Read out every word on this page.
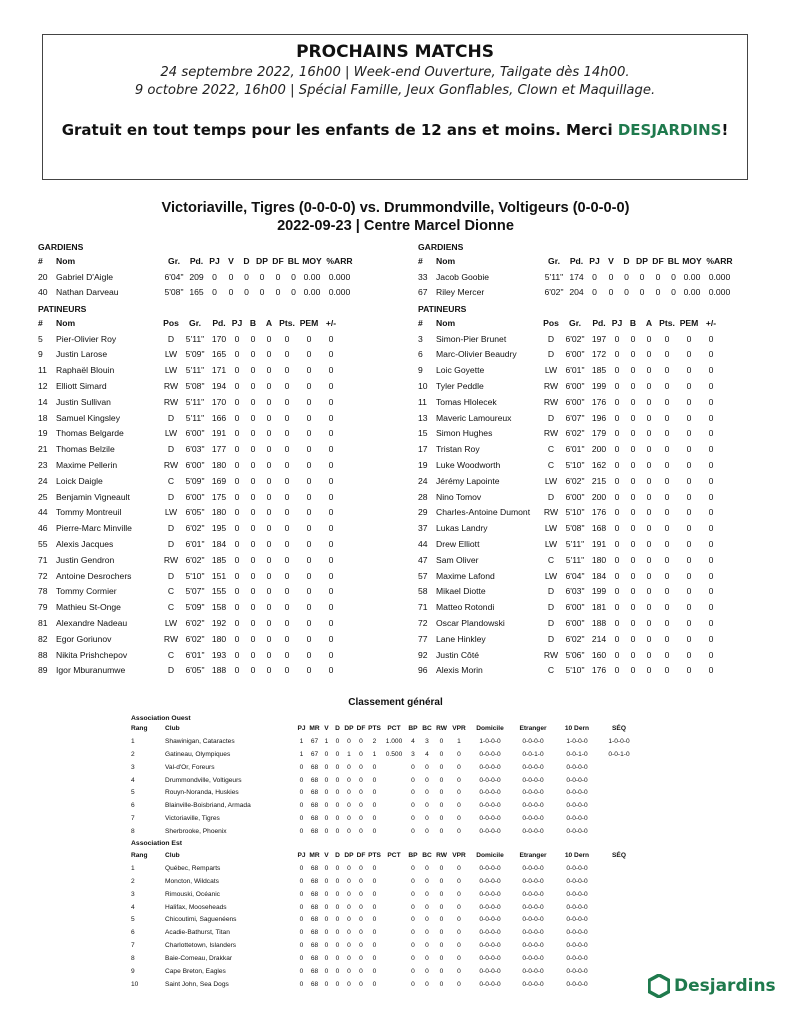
PROCHAINS MATCHS
24 septembre 2022, 16h00 | Week-end Ouverture, Tailgate dès 14h00.
9 octobre 2022, 16h00 | Spécial Famille, Jeux Gonflables, Clown et Maquillage.
Gratuit en tout temps pour les enfants de 12 ans et moins. Merci DESJARDINS!
Victoriaville, Tigres (0-0-0-0) vs. Drummondville, Voltigeurs (0-0-0-0)
2022-09-23 | Centre Marcel Dionne
GARDIENS	GARDIENS
#	Nom	Gr.	Pd.	PJ	V	D	DP	DF	BL	MOY	%ARR
20	Gabriel D'Aigle	6'04"	209	0	0	0	0	0	0	0.00	0.000
40	Nathan Darveau	5'08"	165	0	0	0	0	0	0	0.00	0.000
#	Nom	Gr.	Pd.	PJ	V	D	DP	DF	BL	MOY	%ARR
33	Jacob Goobie	5'11"	174	0	0	0	0	0	0	0.00	0.000
67	Riley Mercer	6'02"	204	0	0	0	0	0	0	0.00	0.000
PATINEURS	PATINEURS
#	Nom	Pos	Gr.	Pd.	PJ	B	A	Pts.	PEM	+/-
5	Pier-Olivier Roy	D	5'11"	170	0	0	0	0	0	0
9	Justin Larose	LW	5'09"	165	0	0	0	0	0	0
11	Raphaël Blouin	LW	5'11"	171	0	0	0	0	0	0
12	Elliott Simard	RW	5'08"	194	0	0	0	0	0	0
14	Justin Sullivan	RW	5'11"	170	0	0	0	0	0	0
18	Samuel Kingsley	D	5'11"	166	0	0	0	0	0	0
19	Thomas Belgarde	LW	6'00"	191	0	0	0	0	0	0
21	Thomas Belzile	D	6'03"	177	0	0	0	0	0	0
23	Maxime Pellerin	RW	6'00"	180	0	0	0	0	0	0
24	Loick Daigle	C	5'09"	169	0	0	0	0	0	0
25	Benjamin Vigneault	D	6'00"	175	0	0	0	0	0	0
44	Tommy Montreuil	LW	6'05"	180	0	0	0	0	0	0
46	Pierre-Marc Minville	D	6'02"	195	0	0	0	0	0	0
55	Alexis Jacques	D	6'01"	184	0	0	0	0	0	0
71	Justin Gendron	RW	6'02"	185	0	0	0	0	0	0
72	Antoine Desrochers	D	5'10"	151	0	0	0	0	0	0
78	Tommy Cormier	C	5'07"	155	0	0	0	0	0	0
79	Mathieu St-Onge	C	5'09"	158	0	0	0	0	0	0
81	Alexandre Nadeau	LW	6'02"	192	0	0	0	0	0	0
82	Egor Goriunov	RW	6'02"	180	0	0	0	0	0	0
88	Nikita Prishchepov	C	6'01"	193	0	0	0	0	0	0
89	Igor Mburanumwe	D	6'05"	188	0	0	0	0	0	0
#	Nom	Pos	Gr.	Pd.	PJ	B	A	Pts.	PEM	+/-
3	Simon-Pier Brunet	D	6'02"	197	0	0	0	0	0	0
6	Marc-Olivier Beaudry	D	6'00"	172	0	0	0	0	0	0
9	Loic Goyette	LW	6'01"	185	0	0	0	0	0	0
10	Tyler Peddle	RW	6'00"	199	0	0	0	0	0	0
11	Tomas Hlolecek	RW	6'00"	176	0	0	0	0	0	0
13	Maveric Lamoureux	D	6'07"	196	0	0	0	0	0	0
15	Simon Hughes	RW	6'02"	179	0	0	0	0	0	0
17	Tristan Roy	C	6'01"	200	0	0	0	0	0	0
19	Luke Woodworth	C	5'10"	162	0	0	0	0	0	0
24	Jérémy Lapointe	LW	6'02"	215	0	0	0	0	0	0
28	Nino Tomov	D	6'00"	200	0	0	0	0	0	0
29	Charles-Antoine Dumont	RW	5'10"	176	0	0	0	0	0	0
37	Lukas Landry	LW	5'08"	168	0	0	0	0	0	0
44	Drew Elliott	LW	5'11"	191	0	0	0	0	0	0
47	Sam Oliver	C	5'11"	180	0	0	0	0	0	0
57	Maxime Lafond	LW	6'04"	184	0	0	0	0	0	0
58	Mikael Diotte	D	6'03"	199	0	0	0	0	0	0
71	Matteo Rotondi	D	6'00"	181	0	0	0	0	0	0
72	Oscar Plandowski	D	6'00"	188	0	0	0	0	0	0
77	Lane Hinkley	D	6'02"	214	0	0	0	0	0	0
92	Justin Côté	RW	5'06"	160	0	0	0	0	0	0
96	Alexis Morin	C	5'10"	176	0	0	0	0	0	0
Classement général
Association Ouest
Rang	Club	PJ	MR	V	D	DP	DF	PTS	PCT	BP	BC	RW	VPR	Domicile	Etranger	10 Dern	SÉQ
1	Shawinigan, Cataractes	1	67	1	0	0	0	2	1.000	4	3	0	1	1-0-0-0	0-0-0-0	1-0-0-0	1-0-0-0
2	Gatineau, Olympiques	1	67	0	0	1	0	1	0.500	3	4	0	0	0-0-0-0	0-0-1-0	0-0-1-0	0-0-1-0
3	Val-d'Or, Foreurs	0	68	0	0	0	0	0		0	0	0	0	0-0-0-0	0-0-0-0	0-0-0-0	
4	Drummondville, Voltigeurs	0	68	0	0	0	0	0		0	0	0	0	0-0-0-0	0-0-0-0	0-0-0-0	
5	Rouyn-Noranda, Huskies	0	68	0	0	0	0	0		0	0	0	0	0-0-0-0	0-0-0-0	0-0-0-0	
6	Blainville-Boisbriand, Armada	0	68	0	0	0	0	0		0	0	0	0	0-0-0-0	0-0-0-0	0-0-0-0	
7	Victoriaville, Tigres	0	68	0	0	0	0	0		0	0	0	0	0-0-0-0	0-0-0-0	0-0-0-0	
8	Sherbrooke, Phoenix	0	68	0	0	0	0	0		0	0	0	0	0-0-0-0	0-0-0-0	0-0-0-0	
Association Est
Rang	Club	PJ	MR	V	D	DP	DF	PTS	PCT	BP	BC	RW	VPR	Domicile	Etranger	10 Dern	SÉQ
1	Québec, Remparts	0	68	0	0	0	0	0		0	0	0	0	0-0-0-0	0-0-0-0	0-0-0-0	
2	Moncton, Wildcats	0	68	0	0	0	0	0		0	0	0	0	0-0-0-0	0-0-0-0	0-0-0-0	
3	Rimouski, Océanic	0	68	0	0	0	0	0		0	0	0	0	0-0-0-0	0-0-0-0	0-0-0-0	
4	Halifax, Mooseheads	0	68	0	0	0	0	0		0	0	0	0	0-0-0-0	0-0-0-0	0-0-0-0	
5	Chicoutimi, Saguenéens	0	68	0	0	0	0	0		0	0	0	0	0-0-0-0	0-0-0-0	0-0-0-0	
6	Acadie-Bathurst, Titan	0	68	0	0	0	0	0		0	0	0	0	0-0-0-0	0-0-0-0	0-0-0-0	
7	Charlottetown, Islanders	0	68	0	0	0	0	0		0	0	0	0	0-0-0-0	0-0-0-0	0-0-0-0	
8	Baie-Comeau, Drakkar	0	68	0	0	0	0	0		0	0	0	0	0-0-0-0	0-0-0-0	0-0-0-0	
9	Cape Breton, Eagles	0	68	0	0	0	0	0		0	0	0	0	0-0-0-0	0-0-0-0	0-0-0-0	
10	Saint John, Sea Dogs	0	68	0	0	0	0	0		0	0	0	0	0-0-0-0	0-0-0-0	0-0-0-0		Desjardins
